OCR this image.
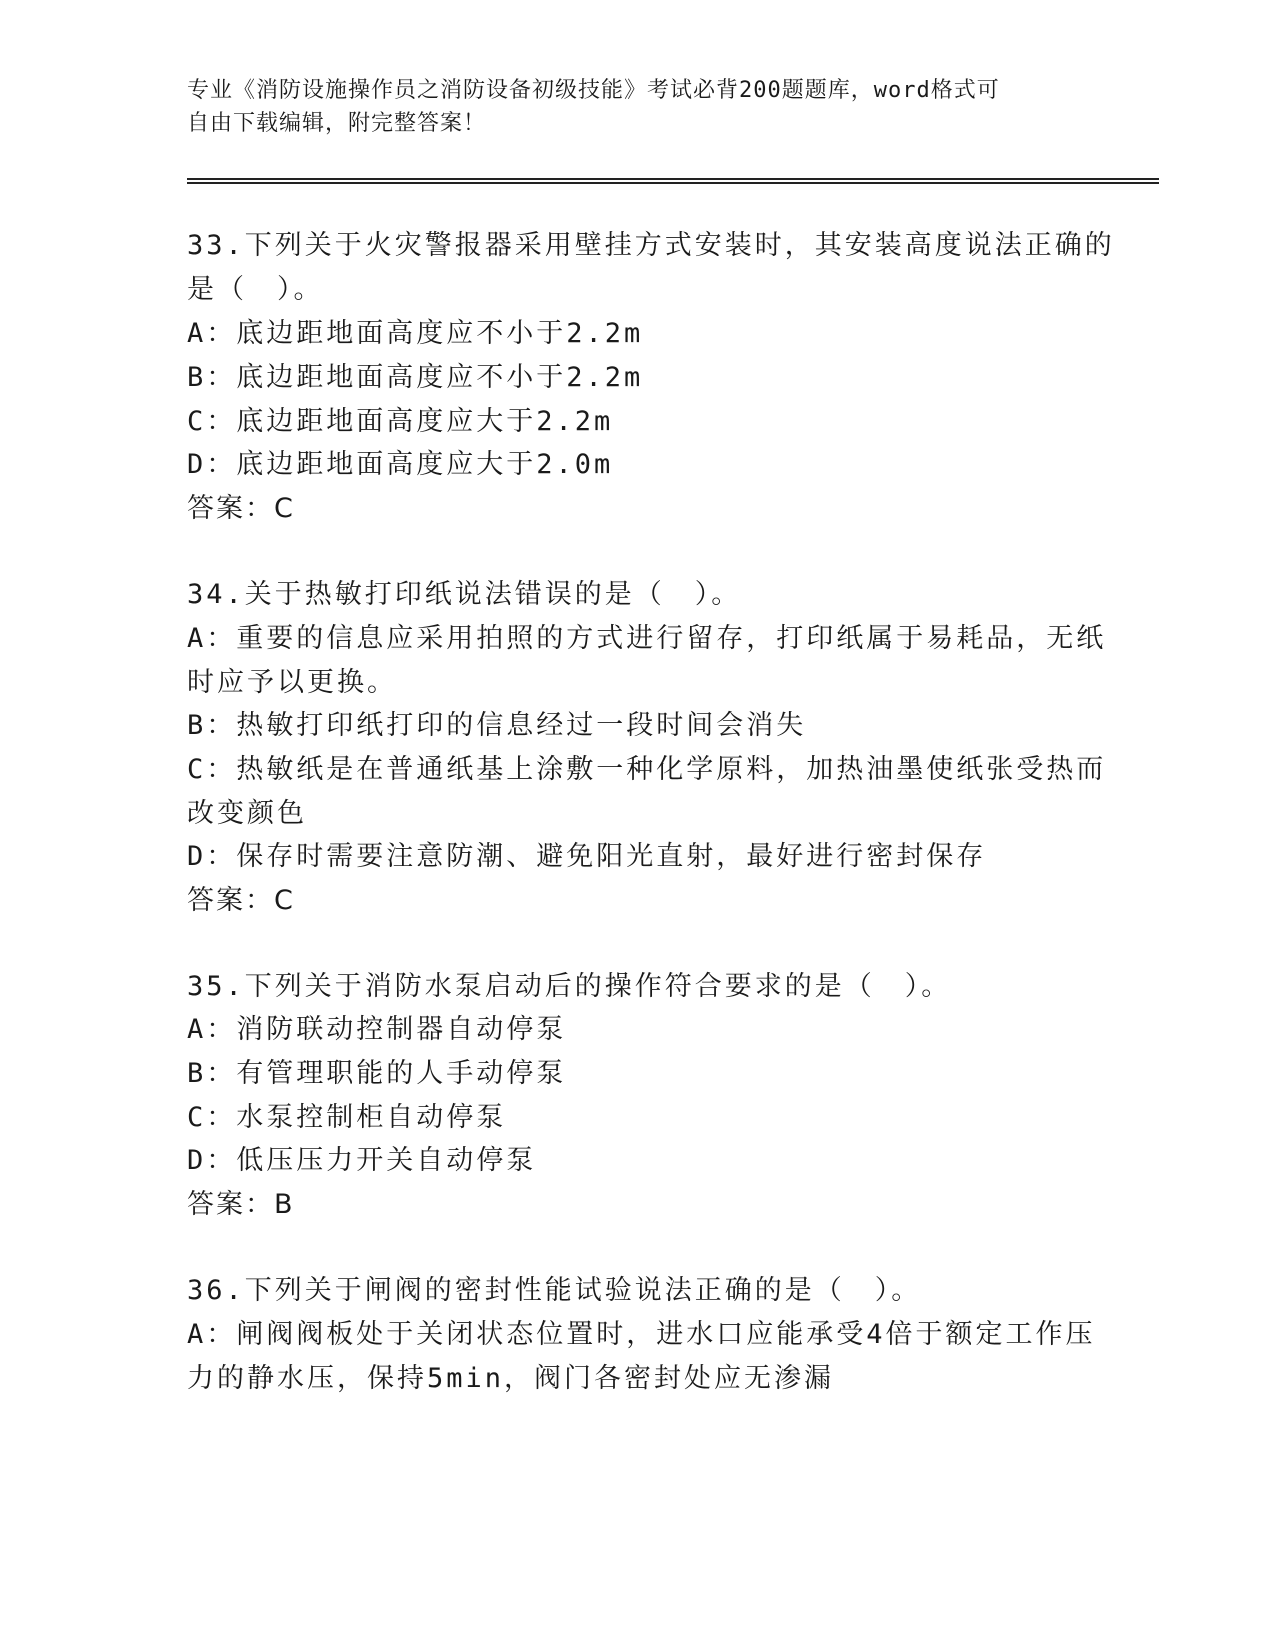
专业《消防设施操作员之消防设备初级技能》考试必背200题题库，word格式可
自由下载编辑，附完整答案！
33.下列关于火灾警报器采用壁挂方式安装时，其安装高度说法正确的
是（　）。
A：底边距地面高度应不小于2.2m
B：底边距地面高度应不小于2.2m
C：底边距地面高度应大于2.2m
D：底边距地面高度应大于2.0m
答案：C
34.关于热敏打印纸说法错误的是（　）。
A：重要的信息应采用拍照的方式进行留存，打印纸属于易耗品，无纸
时应予以更换。
B：热敏打印纸打印的信息经过一段时间会消失
C：热敏纸是在普通纸基上涂敷一种化学原料，加热油墨使纸张受热而
改变颜色
D：保存时需要注意防潮、避免阳光直射，最好进行密封保存
答案：C
35.下列关于消防水泵启动后的操作符合要求的是（　）。
A：消防联动控制器自动停泵
B：有管理职能的人手动停泵
C：水泵控制柜自动停泵
D：低压压力开关自动停泵
答案：B
36.下列关于闸阀的密封性能试验说法正确的是（　）。
A：闸阀阀板处于关闭状态位置时，进水口应能承受4倍于额定工作压
力的静水压，保持5min，阀门各密封处应无渗漏
